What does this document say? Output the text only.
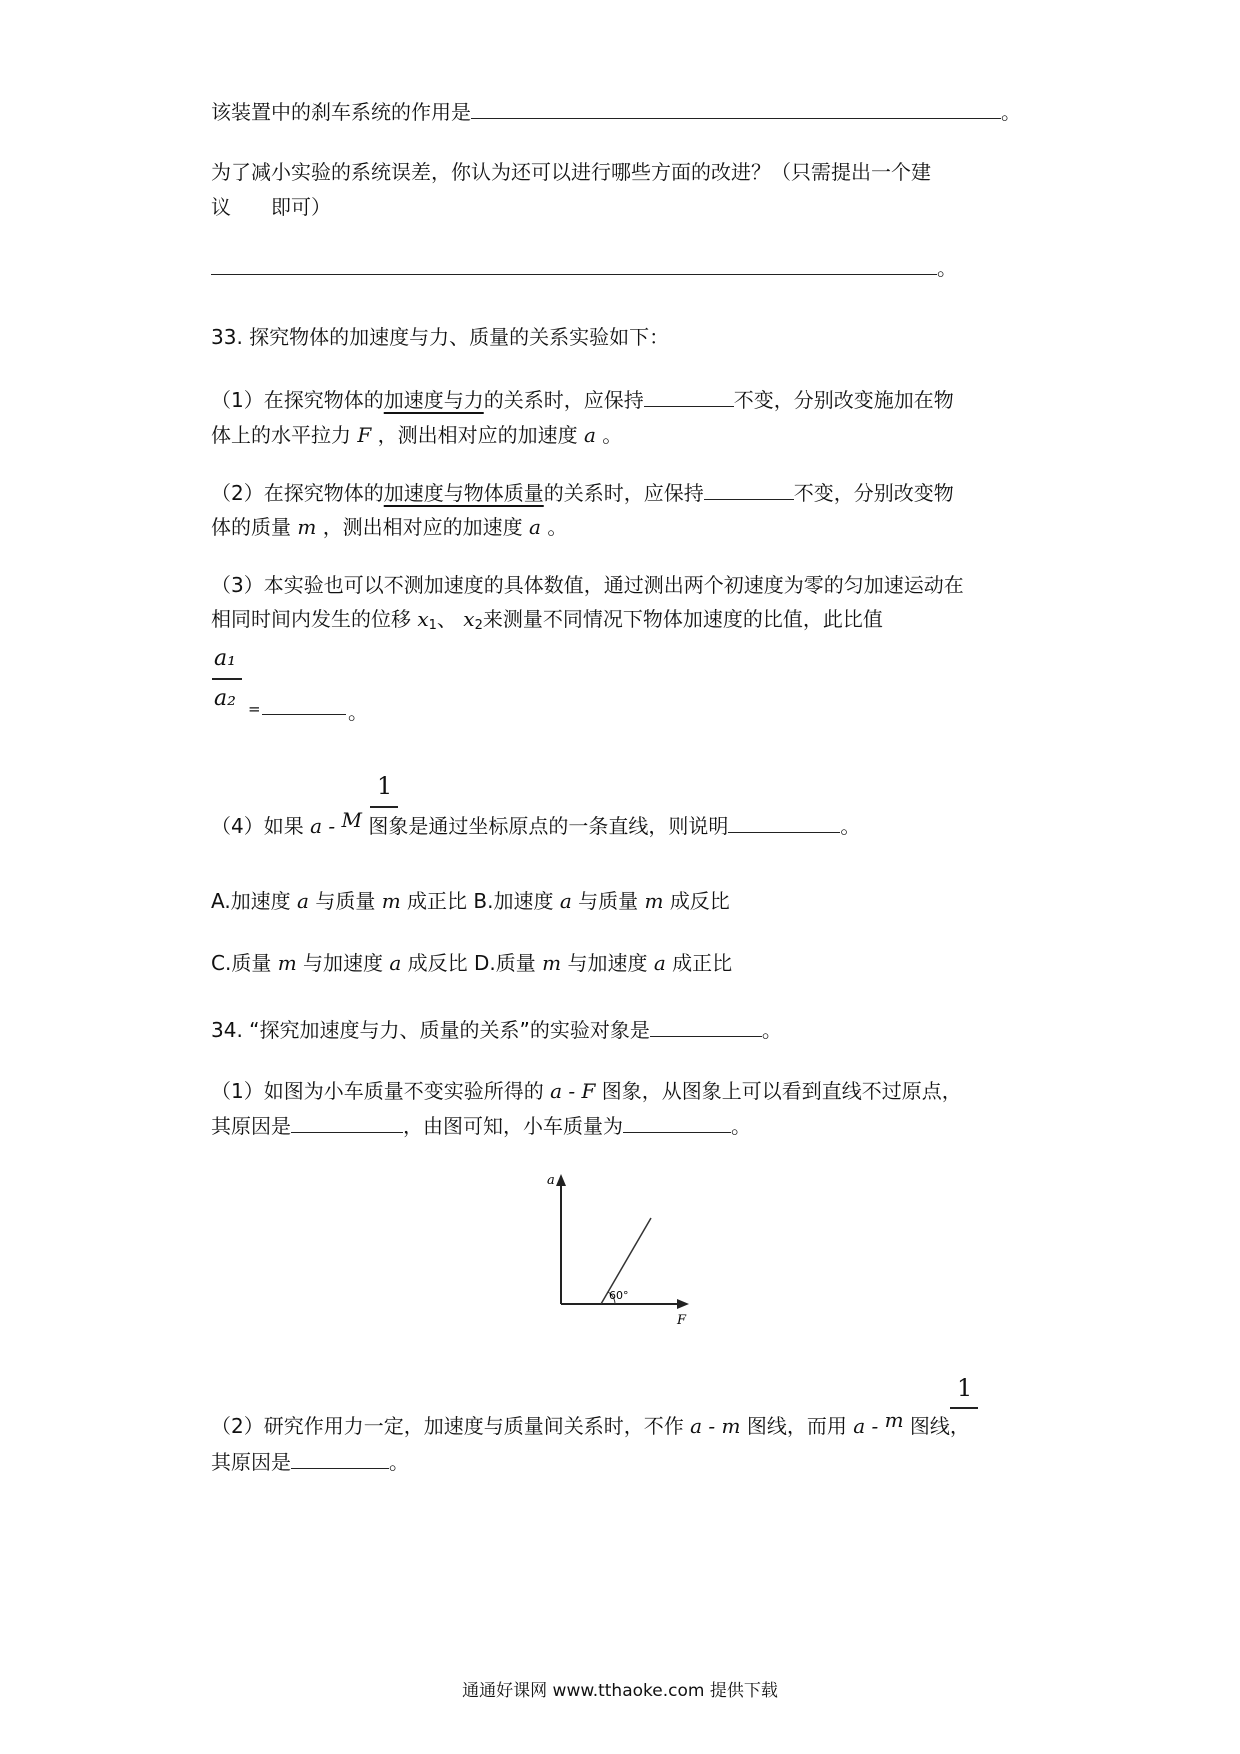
该装置中的刹车系统的作用是	。
为了减小实验的系统误差，你认为还可以进行哪些方面的改进？（只需提出一个建
议 即可）
。
33. 探究物体的加速度与力、质量的关系实验如下：
（1）在探究物体的加速度与力的关系时，应保持	不变，分别改变施加在物
体上的水平拉力 F ，测出相对应的加速度 a 。
（2）在探究物体的加速度与物体质量的关系时，应保持	不变，分别改变物
体的质量 m ，测出相对应的加速度 a 。
（3）本实验也可以不测加速度的具体数值，通过测出两个初速度为零的匀加速运动在
相同时间内发生的位移 $x_1$、 $x_2$来测量不同情况下物体加速度的比值，此比值
a₁
a₂ =	。
1
（4）如果 a - M 图象是通过坐标原点的一条直线，则说明	。
A.加速度 a 与质量 m 成正比 B.加速度 a 与质量 m 成反比
C.质量 m 与加速度 a 成反比 D.质量 m 与加速度 a 成正比
34. “探究加速度与力、质量的关系”的实验对象是	。
（1）如图为小车质量不变实验所得的 a - F 图象，从图象上可以看到直线不过原点，
其原因是	，由图可知，小车质量为	。
a
F
60°
1
（2）研究作用力一定，加速度与质量间关系时，不作 a - m 图线，而用 a - m 图线，
其原因是	。
通通好课网 www.tthaoke.com 提供下载
